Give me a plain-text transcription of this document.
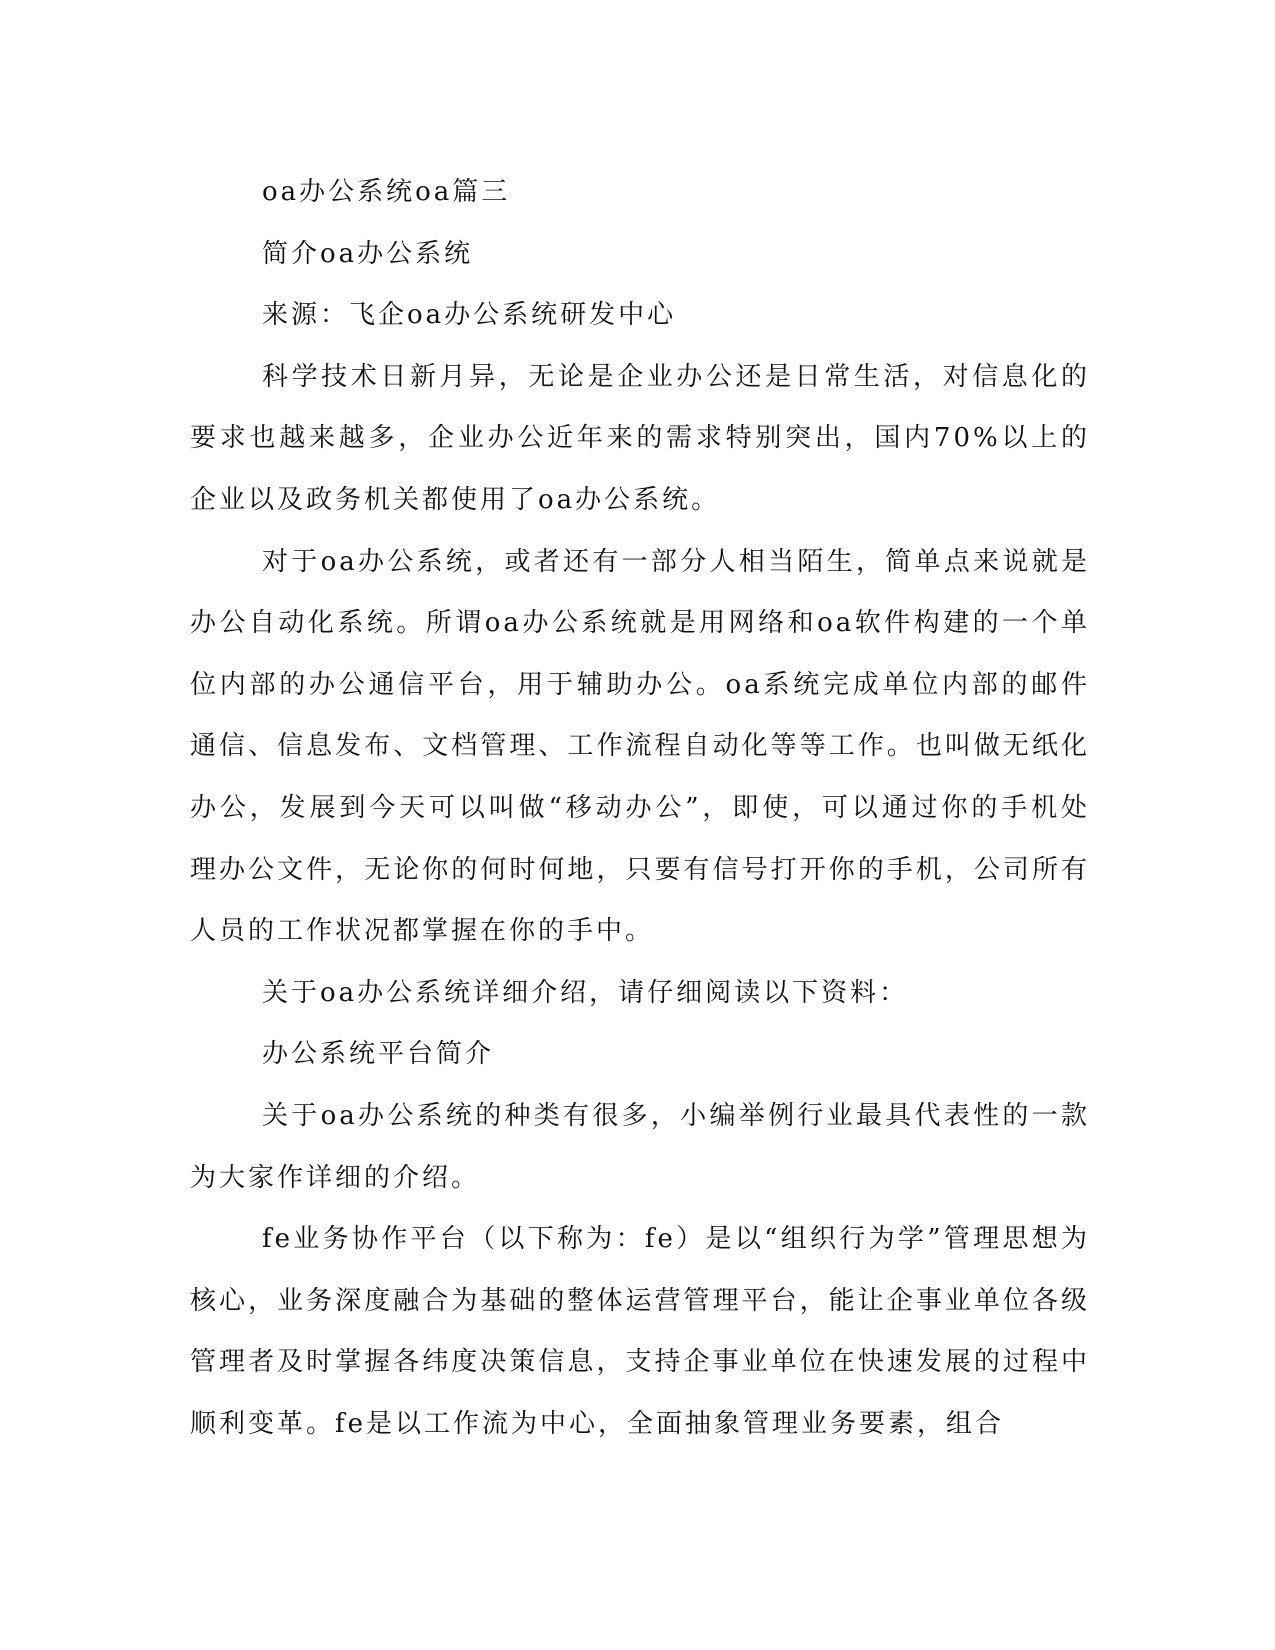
oa办公系统oa篇三

简介oa办公系统

来源：飞企oa办公系统研发中心

科学技术日新月异，无论是企业办公还是日常生活，对信息化的要求也越来越多，企业办公近年来的需求特别突出，国内70%以上的企业以及政务机关都使用了oa办公系统。

对于oa办公系统，或者还有一部分人相当陌生，简单点来说就是办公自动化系统。所谓oa办公系统就是用网络和oa软件构建的一个单位内部的办公通信平台，用于辅助办公。oa系统完成单位内部的邮件通信、信息发布、文档管理、工作流程自动化等等工作。也叫做无纸化办公，发展到今天可以叫做“移动办公”，即使，可以通过你的手机处理办公文件，无论你的何时何地，只要有信号打开你的手机，公司所有人员的工作状况都掌握在你的手中。

关于oa办公系统详细介绍，请仔细阅读以下资料：

办公系统平台简介

关于oa办公系统的种类有很多，小编举例行业最具代表性的一款为大家作详细的介绍。

fe业务协作平台（以下称为：fe）是以“组织行为学”管理思想为核心，业务深度融合为基础的整体运营管理平台，能让企事业单位各级管理者及时掌握各纬度决策信息，支持企事业单位在快速发展的过程中顺利变革。fe是以工作流为中心，全面抽象管理业务要素，组合
